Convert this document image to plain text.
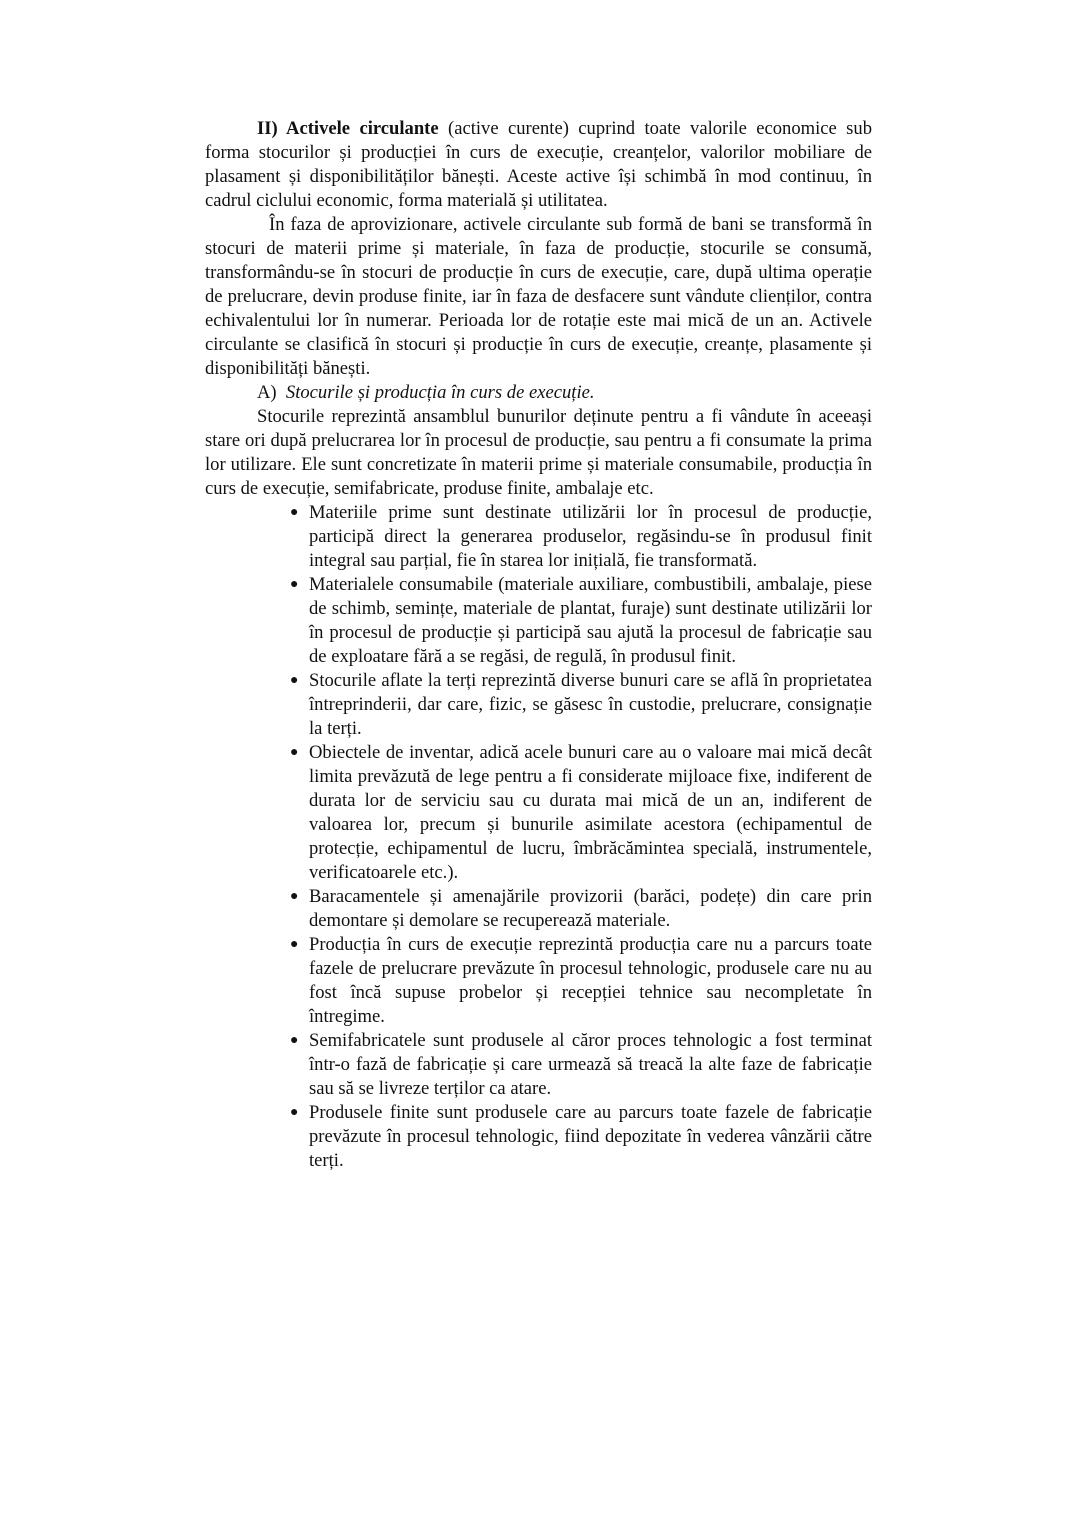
II) Activele circulante (active curente) cuprind toate valorile economice sub forma stocurilor și producției în curs de execuție, creanțelor, valorilor mobiliare de plasament și disponibilităților bănești. Aceste active își schimbă în mod continuu, în cadrul ciclului economic, forma materială și utilitatea.

În faza de aprovizionare, activele circulante sub formă de bani se transformă în stocuri de materii prime și materiale, în faza de producție, stocurile se consumă, transformându-se în stocuri de producție în curs de execuție, care, după ultima operație de prelucrare, devin produse finite, iar în faza de desfacere sunt vândute clienților, contra echivalentului lor în numerar. Perioada lor de rotație este mai mică de un an. Activele circulante se clasifică în stocuri și producție în curs de execuție, creanțe, plasamente și disponibilități bănești.

A) Stocurile și producția în curs de execuție.

Stocurile reprezintă ansamblul bunurilor deținute pentru a fi vândute în aceeași stare ori după prelucrarea lor în procesul de producție, sau pentru a fi consumate la prima lor utilizare. Ele sunt concretizate în materii prime și materiale consumabile, producția în curs de execuție, semifabricate, produse finite, ambalaje etc.

● Materiile prime sunt destinate utilizării lor în procesul de producție, participă direct la generarea produselor, regăsindu-se în produsul finit integral sau parțial, fie în starea lor inițială, fie transformată.
● Materialele consumabile (materiale auxiliare, combustibili, ambalaje, piese de schimb, semințe, materiale de plantat, furaje) sunt destinate utilizării lor în procesul de producție și participă sau ajută la procesul de fabricație sau de exploatare fără a se regăsi, de regulă, în produsul finit.
● Stocurile aflate la terți reprezintă diverse bunuri care se află în proprietatea întreprinderii, dar care, fizic, se găsesc în custodie, prelucrare, consignație la terți.
● Obiectele de inventar, adică acele bunuri care au o valoare mai mică decât limita prevăzută de lege pentru a fi considerate mijloace fixe, indiferent de durata lor de serviciu sau cu durata mai mică de un an, indiferent de valoarea lor, precum și bunurile asimilate acestora (echipamentul de protecție, echipamentul de lucru, îmbrăcămintea specială, instrumentele, verificatoarele etc.).
● Baracamentele și amenajările provizorii (barăci, podețe) din care prin demontare și demolare se recuperează materiale.
● Producția în curs de execuție reprezintă producția care nu a parcurs toate fazele de prelucrare prevăzute în procesul tehnologic, produsele care nu au fost încă supuse probelor și recepției tehnice sau necompletate în întregime.
● Semifabricatele sunt produsele al căror proces tehnologic a fost terminat într-o fază de fabricație și care urmează să treacă la alte faze de fabricație sau să se livreze terților ca atare.
● Produsele finite sunt produsele care au parcurs toate fazele de fabricație prevăzute în procesul tehnologic, fiind depozitate în vederea vânzării către terți.
